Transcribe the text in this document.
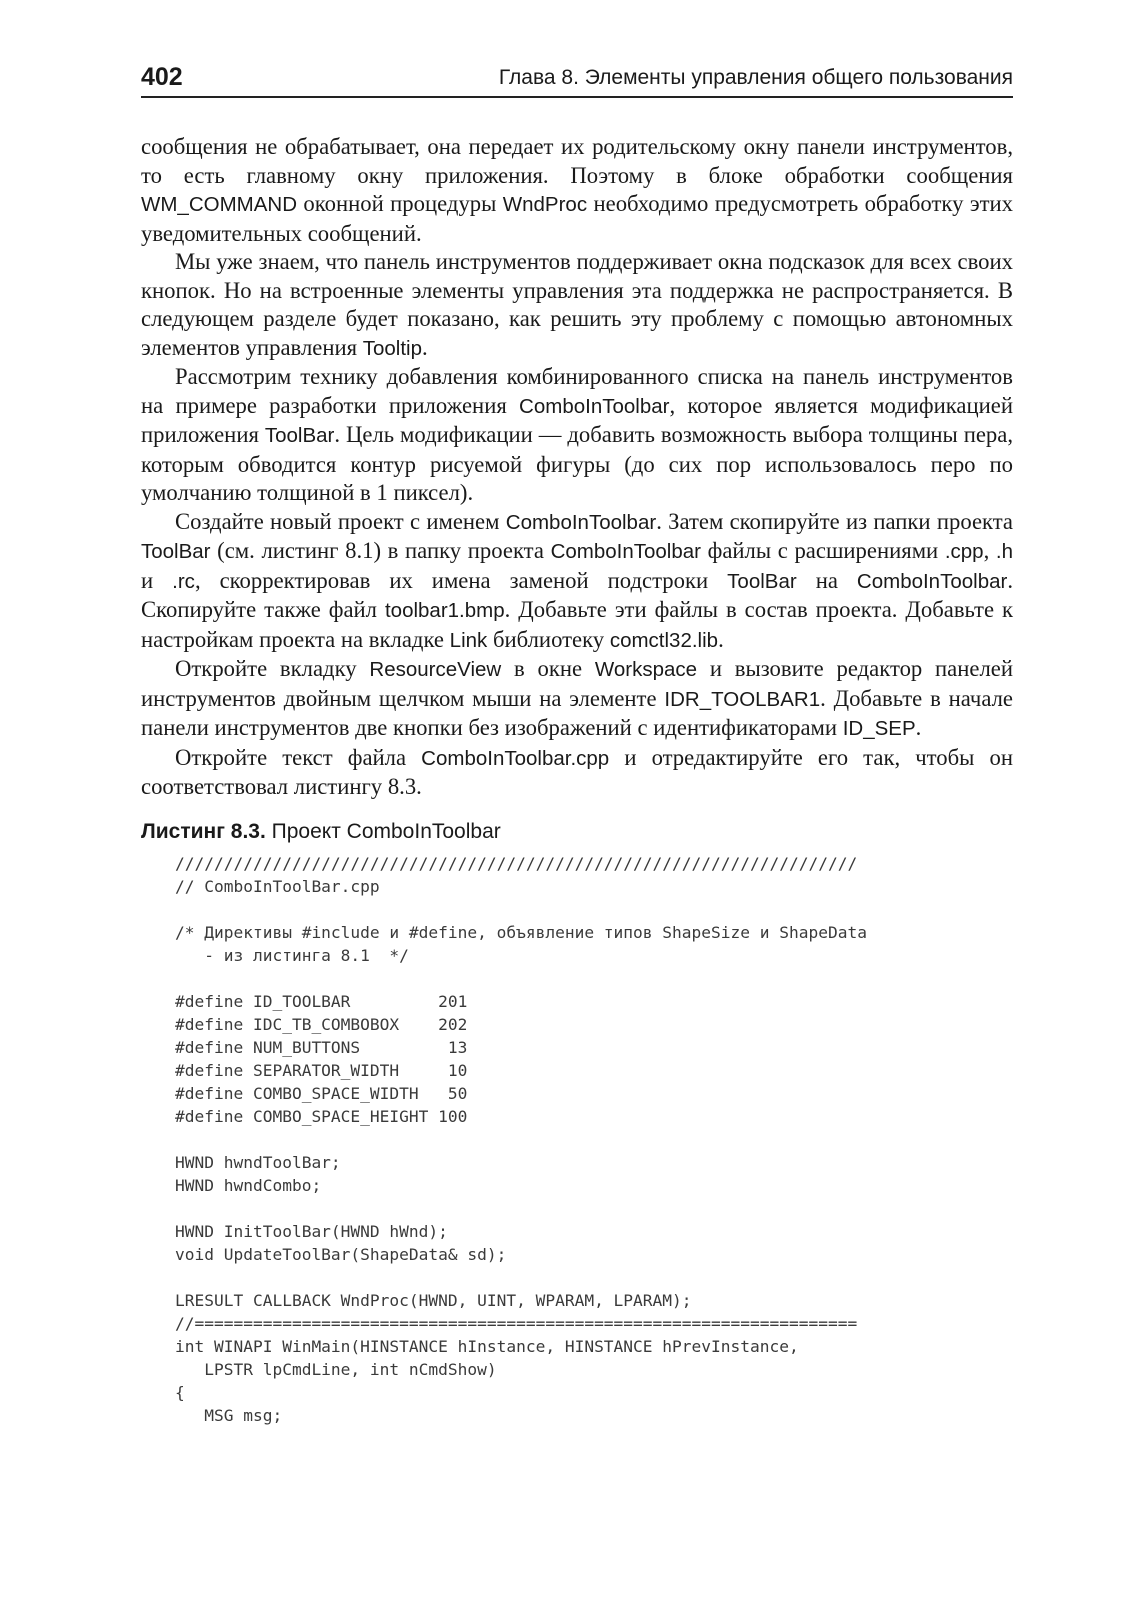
402	Глава 8. Элементы управления общего пользования

сообщения не обрабатывает, она передает их родительскому окну панели инструментов, то есть главному окну приложения. Поэтому в блоке обработки сообщения WM_COMMAND оконной процедуры WndProc необходимо предусмотреть обработку этих уведомительных сообщений.

Мы уже знаем, что панель инструментов поддерживает окна подсказок для всех своих кнопок. Но на встроенные элементы управления эта поддержка не распространяется. В следующем разделе будет показано, как решить эту проблему с помощью автономных элементов управления Tooltip.

Рассмотрим технику добавления комбинированного списка на панель инструментов на примере разработки приложения ComboInToolbar, которое является модификацией приложения ToolBar. Цель модификации — добавить возможность выбора толщины пера, которым обводится контур рисуемой фигуры (до сих пор использовалось перо по умолчанию толщиной в 1 пиксел).

Создайте новый проект с именем ComboInToolbar. Затем скопируйте из папки проекта ToolBar (см. листинг 8.1) в папку проекта ComboInToolbar файлы с расширениями .cpp, .h и .rc, скорректировав их имена заменой подстроки ToolBar на ComboInToolbar. Скопируйте также файл toolbar1.bmp. Добавьте эти файлы в состав проекта. Добавьте к настройкам проекта на вкладке Link библиотеку comctl32.lib.

Откройте вкладку ResourceView в окне Workspace и вызовите редактор панелей инструментов двойным щелчком мыши на элементе IDR_TOOLBAR1. Добавьте в начале панели инструментов две кнопки без изображений с идентификаторами ID_SEP.

Откройте текст файла ComboInToolbar.cpp и отредактируйте его так, чтобы он соответствовал листингу 8.3.

Листинг 8.3. Проект ComboInToolbar
//////////////////////////////////////////////////////////////////////
// ComboInToolBar.cpp
/* Директивы #include и #define, объявление типов ShapeSize и ShapeData
- из листинга 8.1  */
#define ID_TOOLBAR         201
#define IDC_TB_COMBOBOX    202
#define NUM_BUTTONS         13
#define SEPARATOR_WIDTH     10
#define COMBO_SPACE_WIDTH   50
#define COMBO_SPACE_HEIGHT 100
HWND hwndToolBar;
HWND hwndCombo;
HWND InitToolBar(HWND hWnd);
void UpdateToolBar(ShapeData& sd);
LRESULT CALLBACK WndProc(HWND, UINT, WPARAM, LPARAM);
//====================================================================
int WINAPI WinMain(HINSTANCE hInstance, HINSTANCE hPrevInstance,
LPSTR lpCmdLine, int nCmdShow)
{
MSG msg;
